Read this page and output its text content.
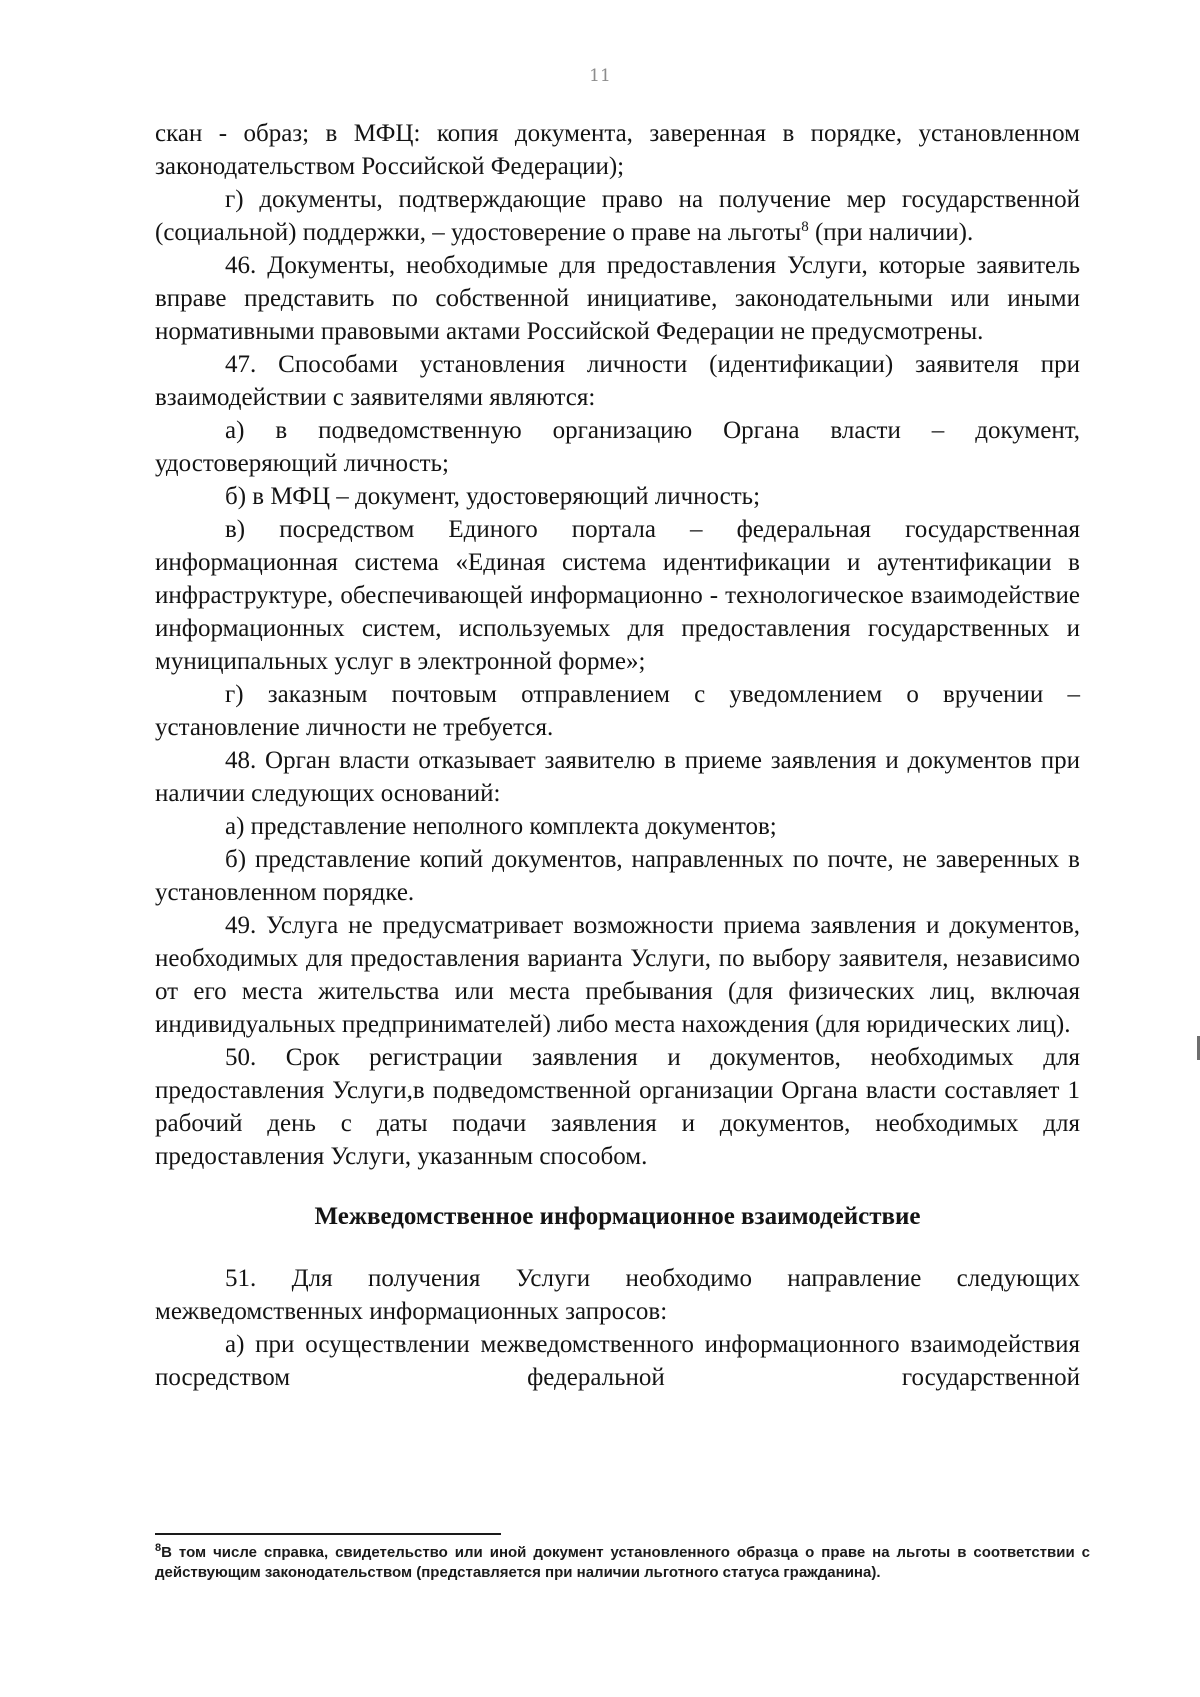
11

скан - образ; в МФЦ: копия документа, заверенная в порядке, установленном законодательством Российской Федерации);

г) документы, подтверждающие право на получение мер государственной (социальной) поддержки, – удостоверение о праве на льготы$^8$ (при наличии).

46. Документы, необходимые для предоставления Услуги, которые заявитель вправе представить по собственной инициативе, законодательными или иными нормативными правовыми актами Российской Федерации не предусмотрены.

47. Способами установления личности (идентификации) заявителя при взаимодействии с заявителями являются:

а) в подведомственную организацию Органа власти – документ, удостоверяющий личность;

б) в МФЦ – документ, удостоверяющий личность;

в) посредством Единого портала – федеральная государственная информационная система «Единая система идентификации и аутентификации в инфраструктуре, обеспечивающей информационно - технологическое взаимодействие информационных систем, используемых для предоставления государственных и муниципальных услуг в электронной форме»;

г) заказным почтовым отправлением с уведомлением о вручении – установление личности не требуется.

48. Орган власти отказывает заявителю в приеме заявления и документов при наличии следующих оснований:

а) представление неполного комплекта документов;

б) представление копий документов, направленных по почте, не заверенных в установленном порядке.

49. Услуга не предусматривает возможности приема заявления и документов, необходимых для предоставления варианта Услуги, по выбору заявителя, независимо от его места жительства или места пребывания (для физических лиц, включая индивидуальных предпринимателей) либо места нахождения (для юридических лиц).

50. Срок регистрации заявления и документов, необходимых для предоставления Услуги,в подведомственной организации Органа власти составляет 1 рабочий день с даты подачи заявления и документов, необходимых для предоставления Услуги, указанным способом.

Межведомственное информационное взаимодействие

51. Для получения Услуги необходимо направление следующих межведомственных информационных запросов:

а) при осуществлении межведомственного информационного взаимодействия посредством федеральной государственной

$^8$В том числе справка, свидетельство или иной документ установленного образца о праве на льготы в соответствии с действующим законодательством (представляется при наличии льготного статуса гражданина).
